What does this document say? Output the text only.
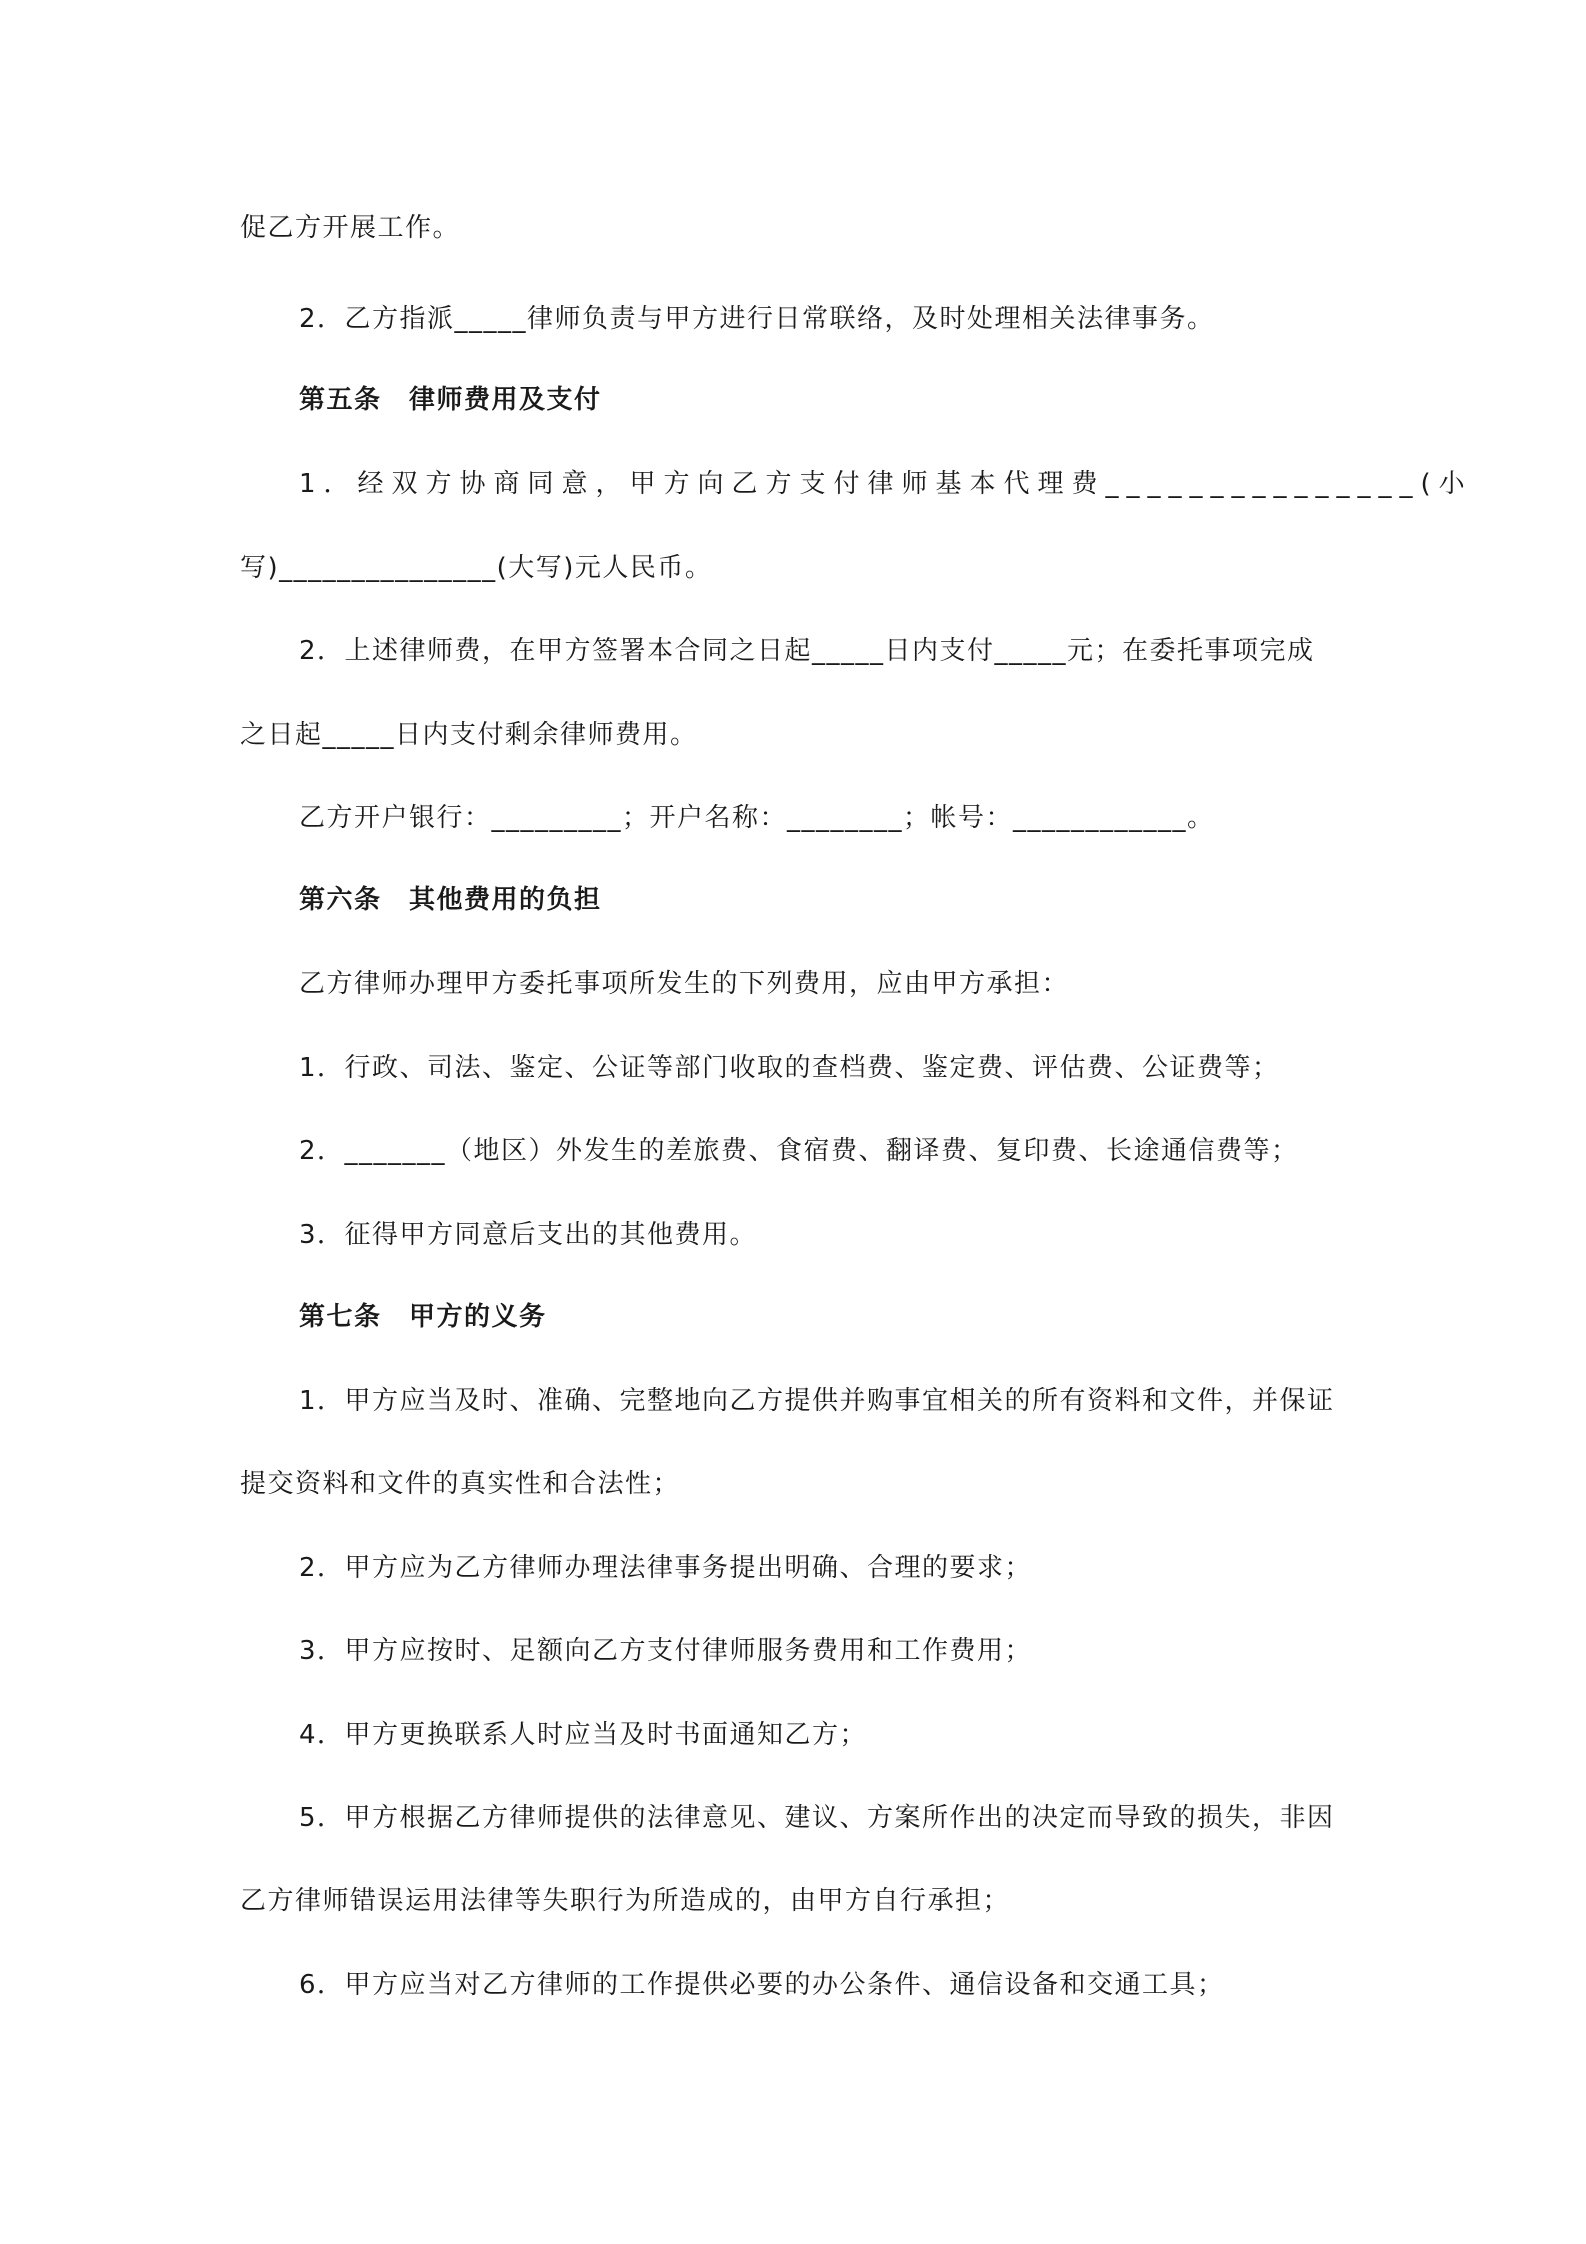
促乙方开展工作。
2．乙方指派_____律师负责与甲方进行日常联络，及时处理相关法律事务。
第五条　律师费用及支付
1．经双方协商同意，甲方向乙方支付律师基本代理费_______________(小
写)_______________(大写)元人民币。
2．上述律师费，在甲方签署本合同之日起_____日内支付_____元；在委托事项完成
之日起_____日内支付剩余律师费用。
乙方开户银行：_________；开户名称：________；帐号：____________。
第六条　其他费用的负担
乙方律师办理甲方委托事项所发生的下列费用，应由甲方承担：
1．行政、司法、鉴定、公证等部门收取的查档费、鉴定费、评估费、公证费等；
2．_______（地区）外发生的差旅费、食宿费、翻译费、复印费、长途通信费等；
3．征得甲方同意后支出的其他费用。
第七条　甲方的义务
1．甲方应当及时、准确、完整地向乙方提供并购事宜相关的所有资料和文件，并保证
提交资料和文件的真实性和合法性；
2．甲方应为乙方律师办理法律事务提出明确、合理的要求；
3．甲方应按时、足额向乙方支付律师服务费用和工作费用；
4．甲方更换联系人时应当及时书面通知乙方；
5．甲方根据乙方律师提供的法律意见、建议、方案所作出的决定而导致的损失，非因
乙方律师错误运用法律等失职行为所造成的，由甲方自行承担；
6．甲方应当对乙方律师的工作提供必要的办公条件、通信设备和交通工具；
